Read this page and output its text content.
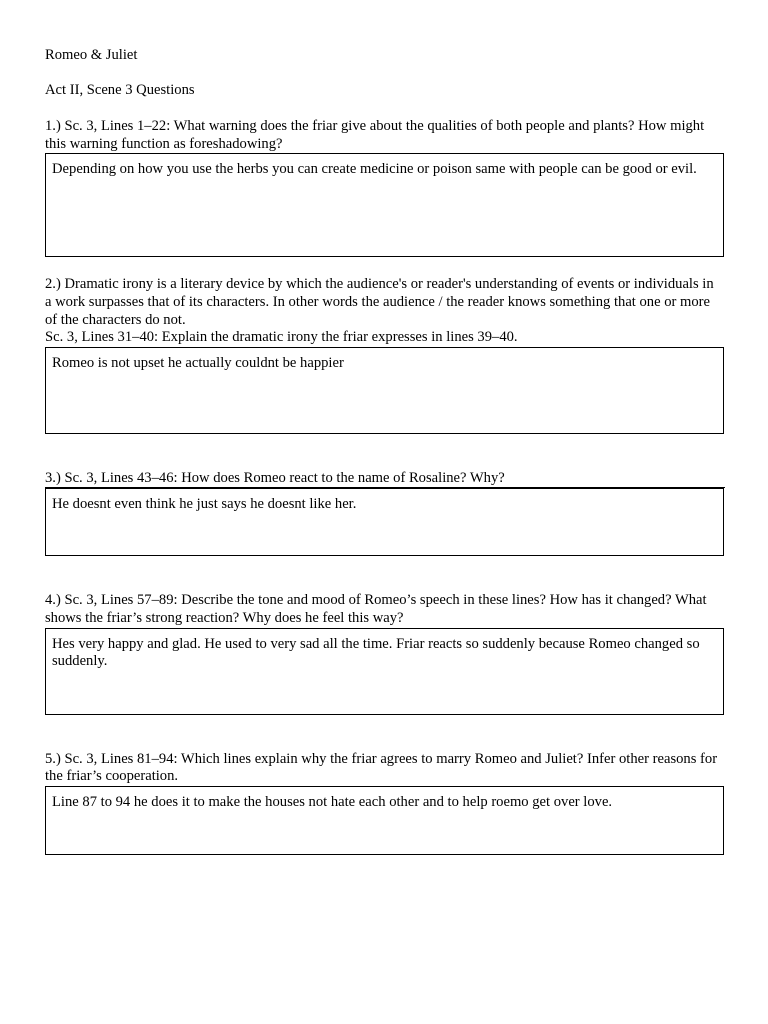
Romeo & Juliet
Act II, Scene 3 Questions
1.) Sc. 3, Lines 1–22: What warning does the friar give about the qualities of both people and plants? How might this warning function as foreshadowing?
Depending on how you use the herbs you can create medicine or poison same with people can be good or evil.
2.) Dramatic irony is a literary device by which the audience's or reader's understanding of events or individuals in a work surpasses that of its characters. In other words the audience / the reader knows something that one or more of the characters do not.
Sc. 3, Lines 31–40: Explain the dramatic irony the friar expresses in lines 39–40.
Romeo is not upset he actually couldnt be happier
3.) Sc. 3, Lines 43–46: How does Romeo react to the name of Rosaline? Why?
He doesnt even think he just says he doesnt like her.
4.) Sc. 3, Lines 57–89: Describe the tone and mood of Romeo’s speech in these lines? How has it changed? What shows the friar’s strong reaction? Why does he feel this way?
Hes very happy and glad. He used to very sad all the time. Friar reacts so suddenly because Romeo changed so suddenly.
5.) Sc. 3, Lines 81–94: Which lines explain why the friar agrees to marry Romeo and Juliet? Infer other reasons for the friar’s cooperation.
Line 87 to 94 he does it to make the houses not hate each other and to help roemo get over love.
